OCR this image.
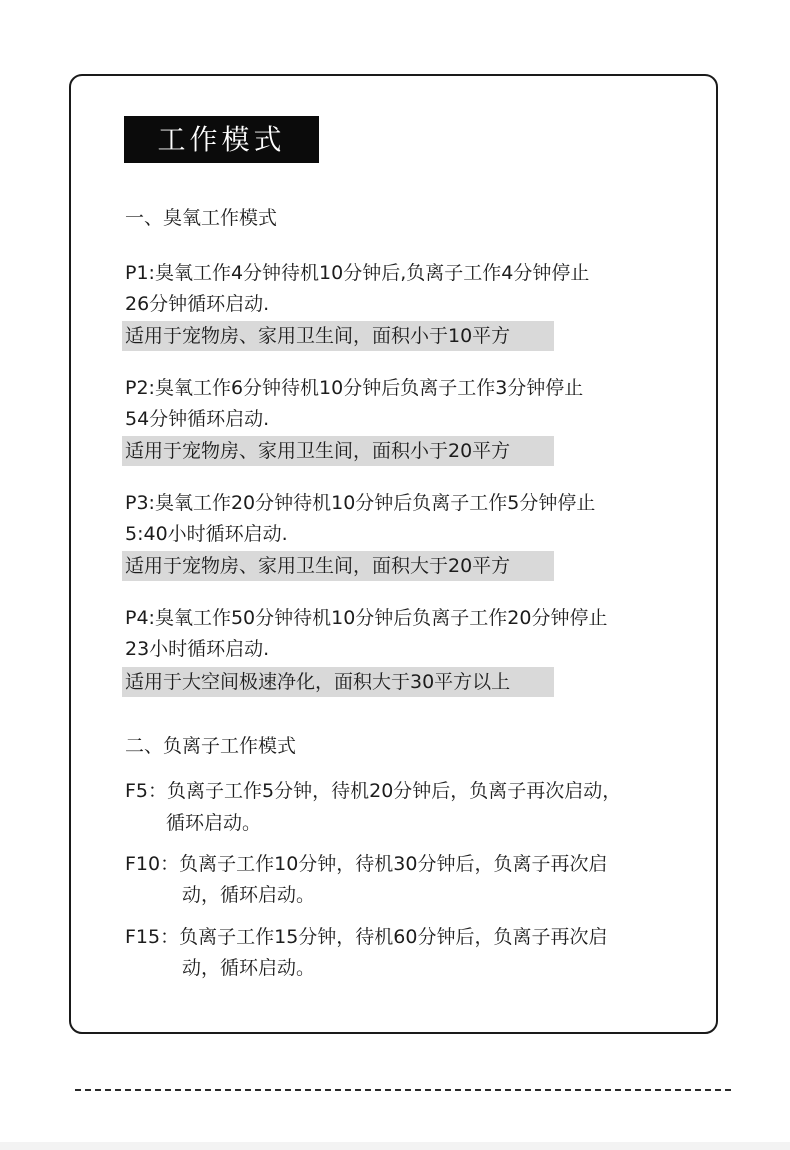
工作模式
一、臭氧工作模式
P1:臭氧工作4分钟待机10分钟后,负离子工作4分钟停止
26分钟循环启动.
适用于宠物房、家用卫生间，面积小于10平方
P2:臭氧工作6分钟待机10分钟后负离子工作3分钟停止
54分钟循环启动.
适用于宠物房、家用卫生间，面积小于20平方
P3:臭氧工作20分钟待机10分钟后负离子工作5分钟停止
5:40小时循环启动.
适用于宠物房、家用卫生间，面积大于20平方
P4:臭氧工作50分钟待机10分钟后负离子工作20分钟停止
23小时循环启动.
适用于大空间极速净化，面积大于30平方以上
二、负离子工作模式
F5：负离子工作5分钟，待机20分钟后，负离子再次启动，
循环启动。
F10：负离子工作10分钟，待机30分钟后，负离子再次启
动，循环启动。
F15：负离子工作15分钟，待机60分钟后，负离子再次启
动，循环启动。
